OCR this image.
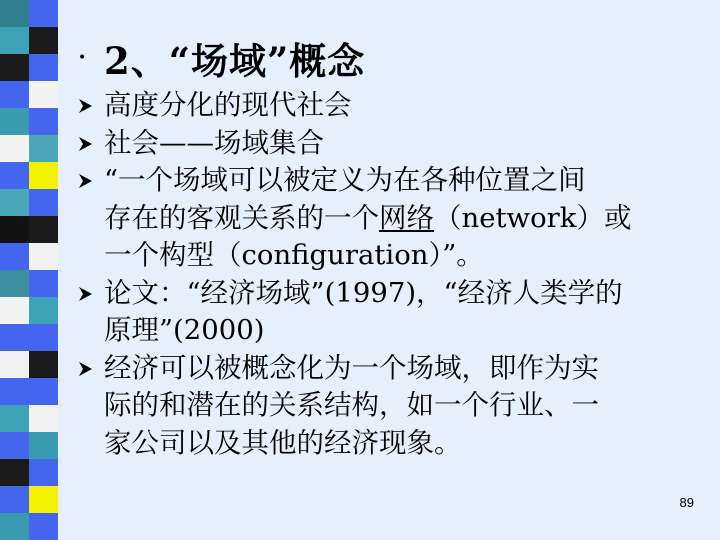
• 2、“场域”概念
高度分化的现代社会
社会——场域集合
“一个场域可以被定义为在各种位置之间
存在的客观关系的一个网络（network）或
一个构型（configuration）”。
论文：“经济场域”(1997)，“经济人类学的
原理”(2000)
经济可以被概念化为一个场域，即作为实
际的和潜在的关系结构，如一个行业、一
家公司以及其他的经济现象。
89
